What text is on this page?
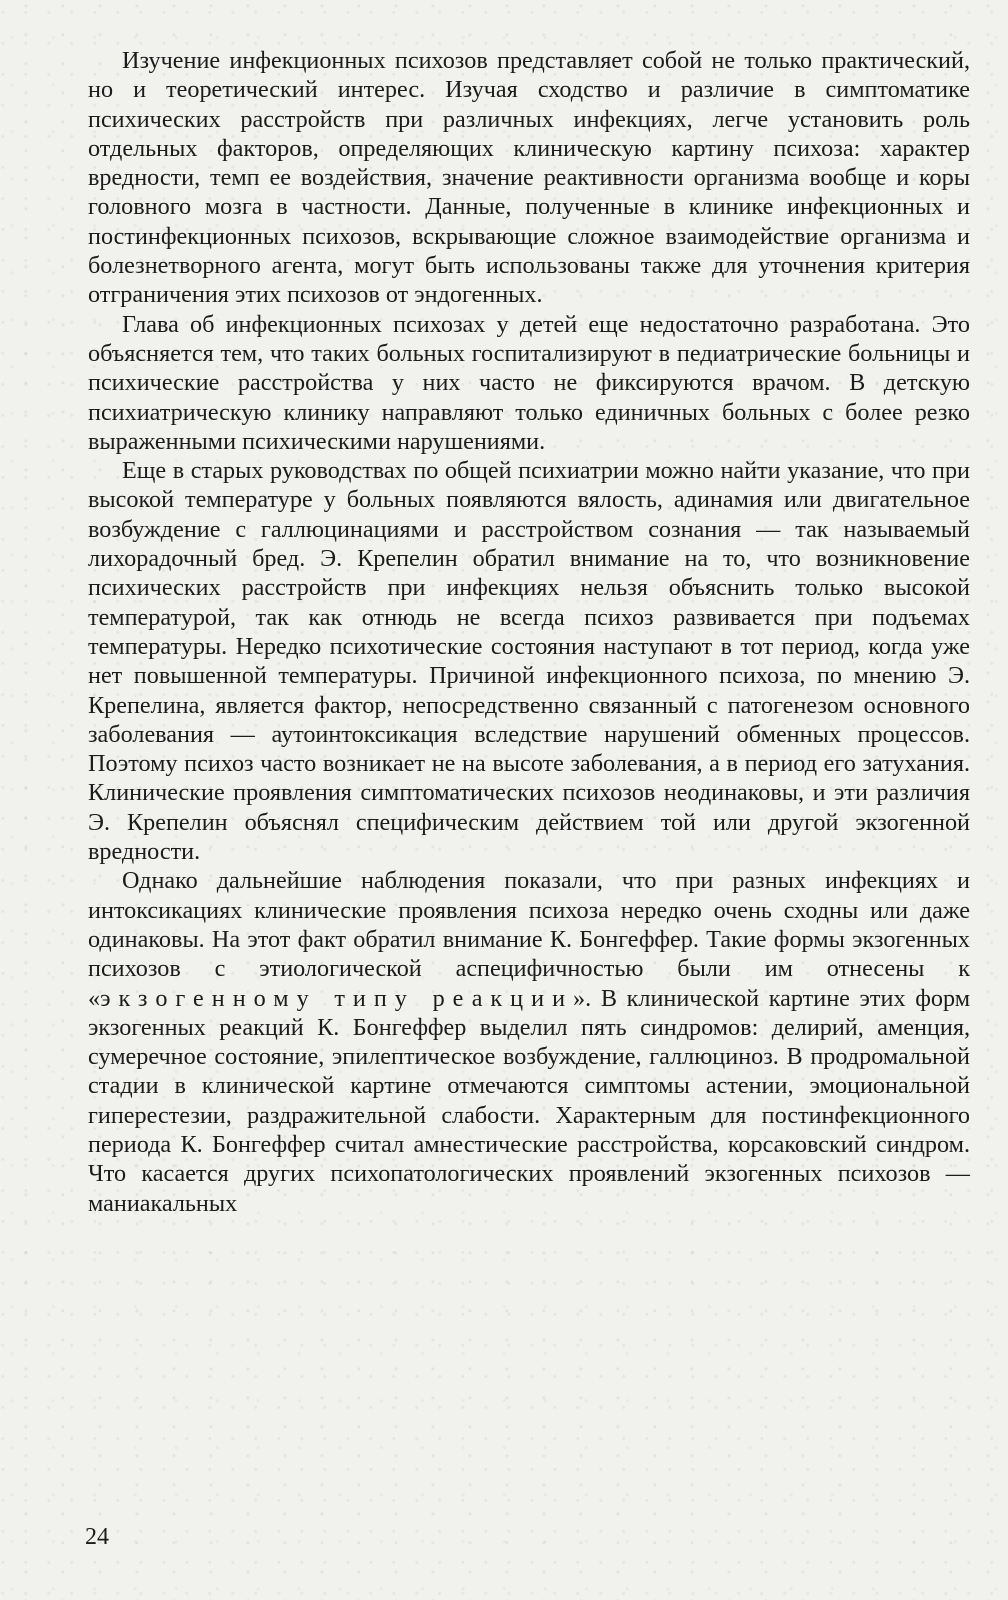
Изучение инфекционных психозов представляет собой не только практический, но и теоретический интерес. Изучая сходство и различие в симптоматике психических расстройств при различных инфекциях, легче установить роль отдельных факторов, определяющих клиническую картину психоза: характер вредности, темп ее воздействия, значение реактивности организма вообще и коры головного мозга в частности. Данные, полученные в клинике инфекционных и постинфекционных психозов, вскрывающие сложное взаимодействие организма и болезнетворного агента, могут быть использованы также для уточнения критерия отграничения этих психозов от эндогенных.

Глава об инфекционных психозах у детей еще недостаточно разработана. Это объясняется тем, что таких больных госпитализируют в педиатрические больницы и психические расстройства у них часто не фиксируются врачом. В детскую психиатрическую клинику направляют только единичных больных с более резко выраженными психическими нарушениями.

Еще в старых руководствах по общей психиатрии можно найти указание, что при высокой температуре у больных появляются вялость, адинамия или двигательное возбуждение с галлюцинациями и расстройством сознания — так называемый лихорадочный бред. Э. Крепелин обратил внимание на то, что возникновение психических расстройств при инфекциях нельзя объяснить только высокой температурой, так как отнюдь не всегда психоз развивается при подъемах температуры. Нередко психотические состояния наступают в тот период, когда уже нет повышенной температуры. Причиной инфекционного психоза, по мнению Э. Крепелина, является фактор, непосредственно связанный с патогенезом основного заболевания — аутоинтоксикация вследствие нарушений обменных процессов. Поэтому психоз часто возникает не на высоте заболевания, а в период его затухания. Клинические проявления симптоматических психозов неодинаковы, и эти различия Э. Крепелин объяснял специфическим действием той или другой экзогенной вредности.

Однако дальнейшие наблюдения показали, что при разных инфекциях и интоксикациях клинические проявления психоза нередко очень сходны или даже одинаковы. На этот факт обратил внимание К. Бонгеффер. Такие формы экзогенных психозов с этиологической аспецифичностью были им отнесены к «экзогенному типу реакции». В клинической картине этих форм экзогенных реакций К. Бонгеффер выделил пять синдромов: делирий, аменция, сумеречное состояние, эпилептическое возбуждение, галлюциноз. В продромальной стадии в клинической картине отмечаются симптомы астении, эмоциональной гиперестезии, раздражительной слабости. Характерным для постинфекционного периода К. Бонгеффер считал амнестические расстройства, корсаковский синдром. Что касается других психопатологических проявлений экзогенных психозов — маниакальных

24
